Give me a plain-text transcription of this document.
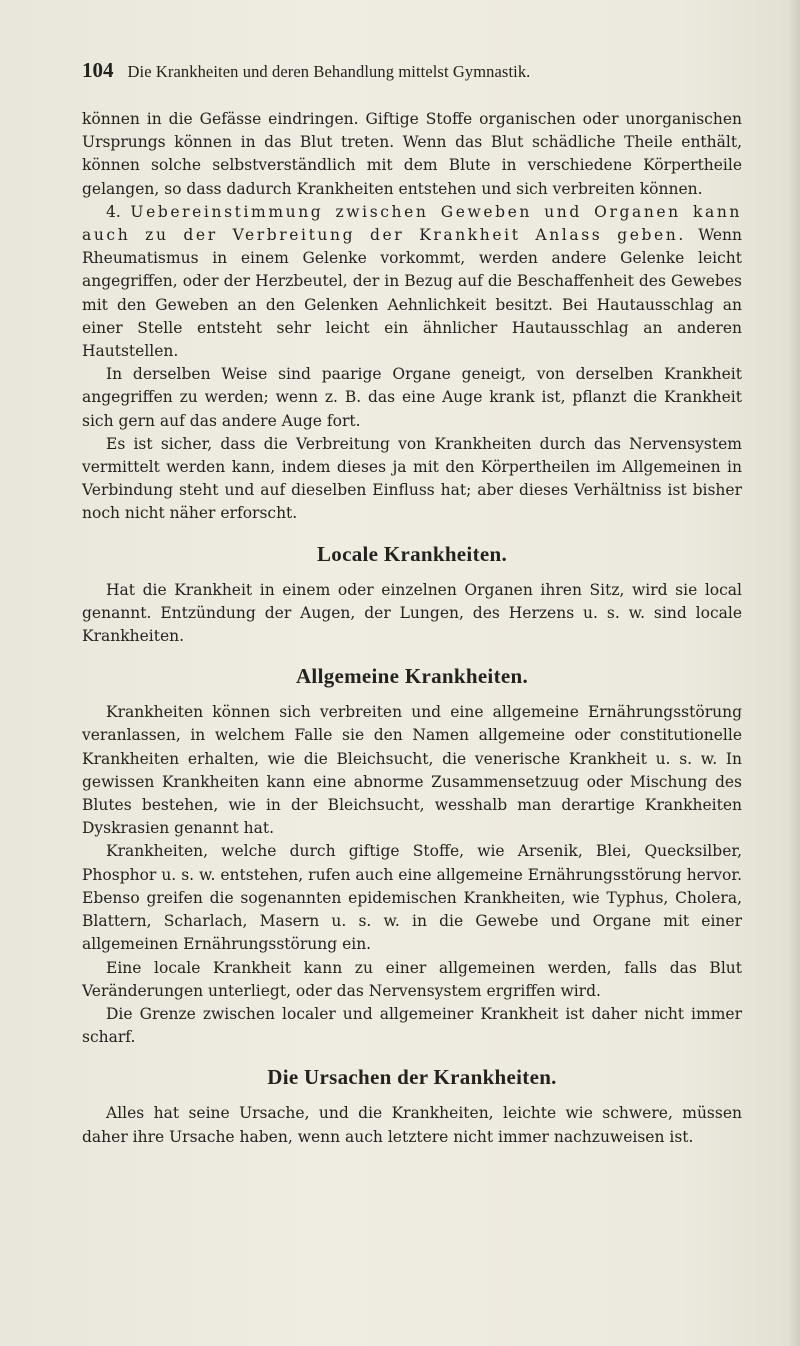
104 Die Krankheiten und deren Behandlung mittelst Gymnastik.

können in die Gefässe eindringen. Giftige Stoffe organischen oder unorganischen Ursprungs können in das Blut treten. Wenn das Blut schädliche Theile enthält, können solche selbstverständlich mit dem Blute in verschiedene Körpertheile gelangen, so dass dadurch Krankheiten entstehen und sich verbreiten können.

4. Uebereinstimmung zwischen Geweben und Organen kann auch zu der Verbreitung der Krankheit Anlass geben. Wenn Rheumatismus in einem Gelenke vorkommt, werden andere Gelenke leicht angegriffen, oder der Herzbeutel, der in Bezug auf die Beschaffenheit des Gewebes mit den Geweben an den Gelenken Aehnlichkeit besitzt. Bei Hautausschlag an einer Stelle entsteht sehr leicht ein ähnlicher Hautausschlag an anderen Hautstellen.

In derselben Weise sind paarige Organe geneigt, von derselben Krankheit angegriffen zu werden; wenn z. B. das eine Auge krank ist, pflanzt die Krankheit sich gern auf das andere Auge fort.

Es ist sicher, dass die Verbreitung von Krankheiten durch das Nervensystem vermittelt werden kann, indem dieses ja mit den Körpertheilen im Allgemeinen in Verbindung steht und auf dieselben Einfluss hat; aber dieses Verhältniss ist bisher noch nicht näher erforscht.

Locale Krankheiten.

Hat die Krankheit in einem oder einzelnen Organen ihren Sitz, wird sie local genannt. Entzündung der Augen, der Lungen, des Herzens u. s. w. sind locale Krankheiten.

Allgemeine Krankheiten.

Krankheiten können sich verbreiten und eine allgemeine Ernährungsstörung veranlassen, in welchem Falle sie den Namen allgemeine oder constitutionelle Krankheiten erhalten, wie die Bleichsucht, die venerische Krankheit u. s. w. In gewissen Krankheiten kann eine abnorme Zusammensetzuug oder Mischung des Blutes bestehen, wie in der Bleichsucht, wesshalb man derartige Krankheiten Dyskrasien genannt hat.

Krankheiten, welche durch giftige Stoffe, wie Arsenik, Blei, Quecksilber, Phosphor u. s. w. entstehen, rufen auch eine allgemeine Ernährungsstörung hervor. Ebenso greifen die sogenannten epidemischen Krankheiten, wie Typhus, Cholera, Blattern, Scharlach, Masern u. s. w. in die Gewebe und Organe mit einer allgemeinen Ernährungsstörung ein.

Eine locale Krankheit kann zu einer allgemeinen werden, falls das Blut Veränderungen unterliegt, oder das Nervensystem ergriffen wird.

Die Grenze zwischen localer und allgemeiner Krankheit ist daher nicht immer scharf.

Die Ursachen der Krankheiten.

Alles hat seine Ursache, und die Krankheiten, leichte wie schwere, müssen daher ihre Ursache haben, wenn auch letztere nicht immer nachzuweisen ist.
